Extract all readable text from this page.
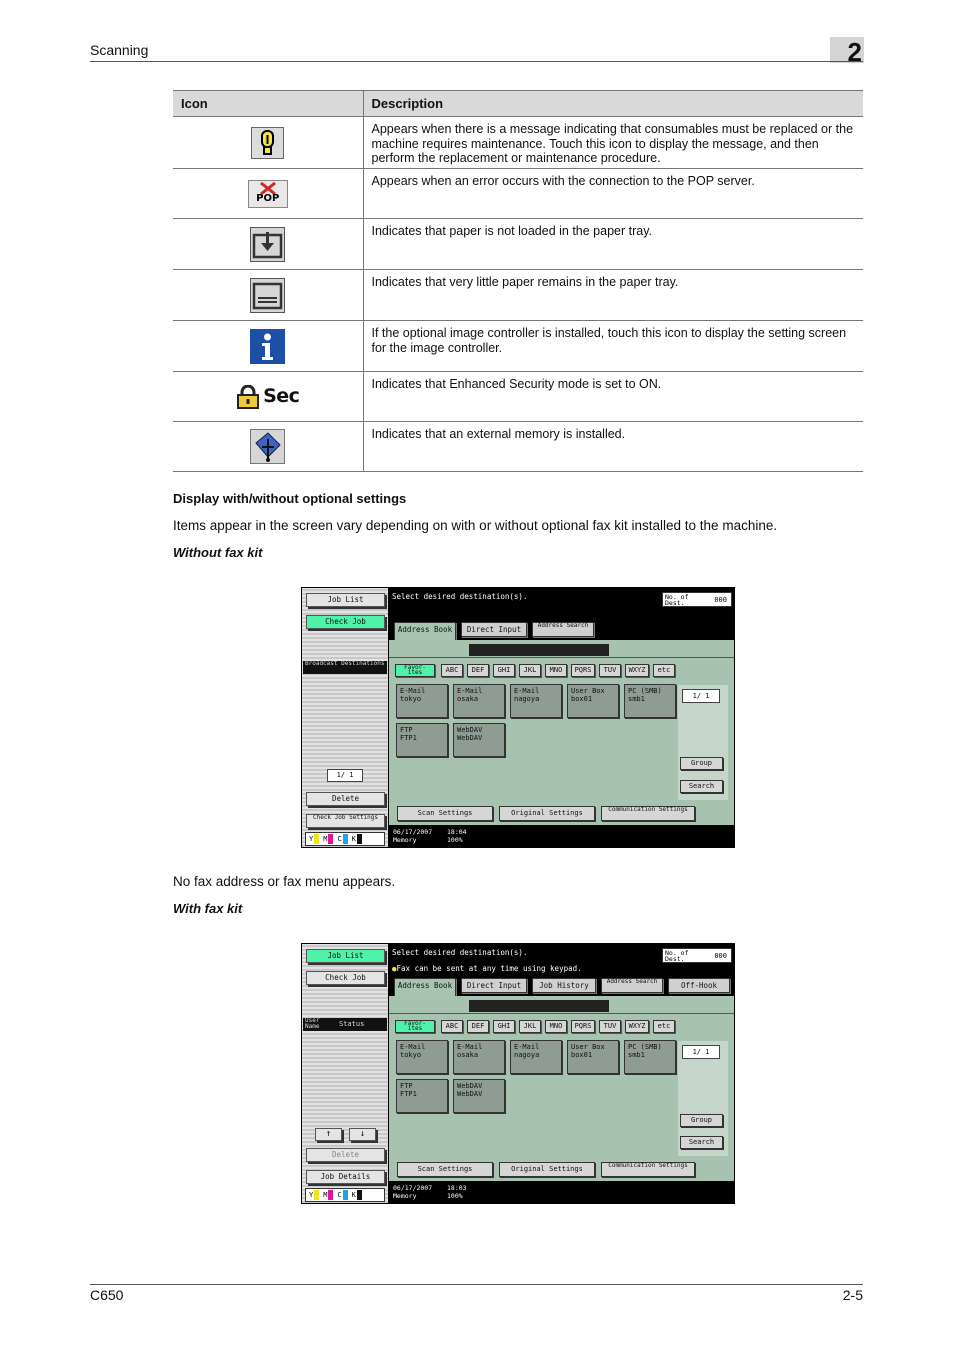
Scanning	2
Icon	Description
	Appears when there is a message indicating that consumables must be replaced or the machine requires maintenance. Touch this icon to display the message, and then perform the replacement or maintenance procedure.

POP	Appears when an error occurs with the connection to the POP server.
	Indicates that paper is not loaded in the paper tray.
	Indicates that very little paper remains in the paper tray.
	If the optional image controller is installed, touch this icon to display the setting screen for the image controller.

Sec	Indicates that Enhanced Security mode is set to ON.
	Indicates that an external memory is installed.
Display with/without optional settings
Items appear in the screen vary depending on with or without optional fax kit installed to the machine.
Without fax kit
Job List
Check Job
Broadcast Destinations
1/ 1
Delete
Check Job Settings
Y M C K
Select desired destination(s).	No. of Dest.	000
Address Book	Direct Input	Address Search
Favor- ites	ABC	DEF	GHI	JKL	MNO	PQRS	TUV	WXYZ	etc
E-Mail
tokyo
E-Mail
osaka
E-Mail
nagoya
User Box
box01
PC (SMB)
smb1
FTP
FTP1
WebDAV
WebDAV
1/ 1
Group
Search
Scan Settings	Original Settings	Communication Settings
06/17/2007
Memory
18:04
100%
No fax address or fax menu appears.
With fax kit
Job List
Check Job
User Name	Status
↑	↓
Delete
Job Details
Y M C K
Select desired destination(s).
●Fax can be sent at any time using keypad.
No. of Dest.	000
Address Book	Direct Input	Job History	Address Search	Off-Hook
Favor- ites	ABC	DEF	GHI	JKL	MNO	PQRS	TUV	WXYZ	etc
E-Mail
tokyo
E-Mail
osaka
E-Mail
nagoya
User Box
box01
PC (SMB)
smb1
FTP
FTP1
WebDAV
WebDAV
1/ 1
Group
Search
Scan Settings	Original Settings	Communication Settings
06/17/2007
Memory
18:03
100%
C650	2-5
